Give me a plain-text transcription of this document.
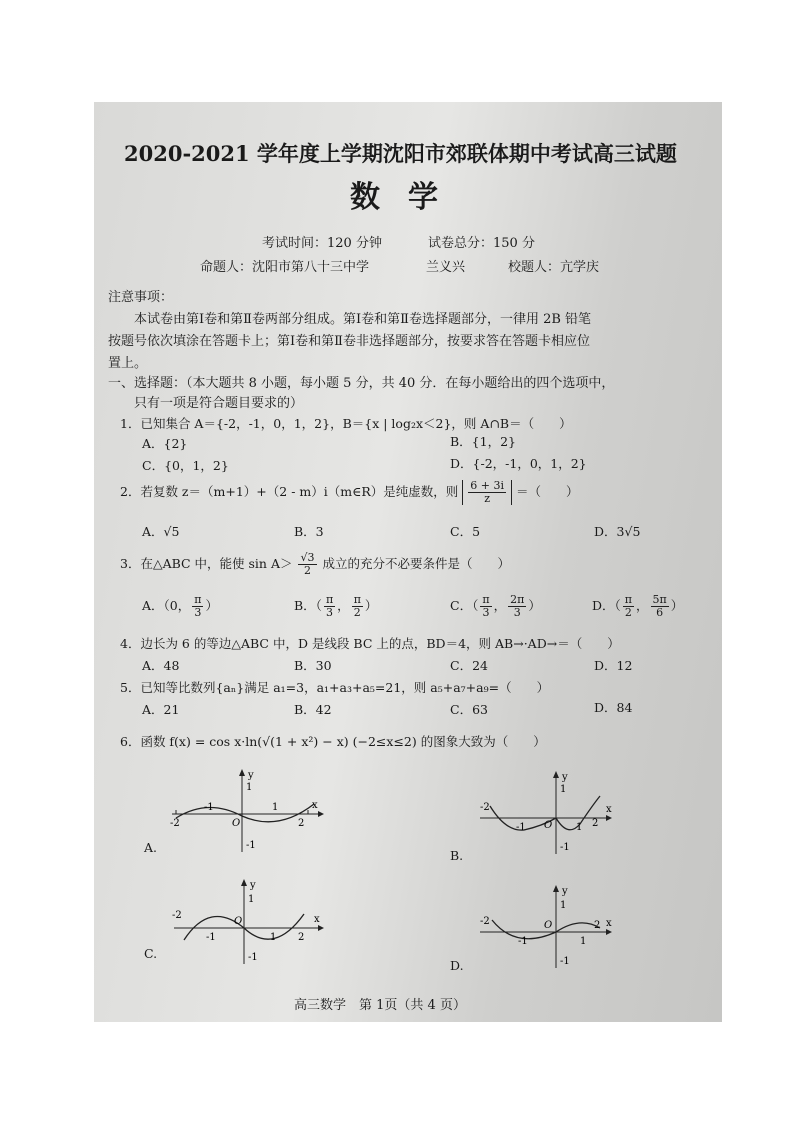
2020-2021 学年度上学期沈阳市郊联体期中考试高三试题
数学
考试时间：120 分钟	试卷总分：150 分
命题人：沈阳市第八十三中学	兰义兴	校题人：亢学庆
注意事项：
本试卷由第Ⅰ卷和第Ⅱ卷两部分组成。第Ⅰ卷和第Ⅱ卷选择题部分，一律用 2B 铅笔
按题号依次填涂在答题卡上；第Ⅰ卷和第Ⅱ卷非选择题部分，按要求答在答题卡相应位
置上。
一、选择题：（本大题共 8 小题，每小题 5 分，共 40 分．在每小题给出的四个选项中，
只有一项是符合题目要求的）
1．已知集合 A＝{-2，-1，0，1，2}，B＝{x | log₂x＜2}，则 A∩B＝（　　）
A．{2}	B．{1，2}
C．{0，1，2}	D．{-2，-1，0，1，2}
2．若复数 z＝（m+1）+（2 - m）i（m∈R）是纯虚数，则 $\frac{6 + 3i}{z}$ ＝（　　）
A．√5	B．3	C．5	D．3√5
3．在△ABC 中，能使 $\sin A> \frac{√3}{2}$ 成立的充分不必要条件是（　　）
A．（0， $\frac{\pi}{3}$ ）	B．（ $\frac{\pi}{3}$ ， $\frac{\pi}{2}$ ）	C．（ $\frac{\pi}{3}$ ， $\frac{2\pi}{3}$ ）	D．（ $\frac{\pi}{2}$ ， $\frac{5\pi}{6}$ ）
4．边长为 6 的等边△ABC 中，D 是线段 BC 上的点，BD＝4，则 AB→·AD→＝（　　）
A．48	B．30	C．24	D．12
5．已知等比数列{aₙ}满足 a₁=3，a₁+a₃+a₅=21，则 a₅+a₇+a₉=（　　）
A．21	B．42	C．63	D．84
6．函数 f(x) = cos x·ln(√(1 + x²) − x) (−2≤x≤2) 的图象大致为（　　）
A.
B.
C.
D.
y
x
1
-1
O
-2
-1	1
2
y
x
1
-1
O
-2
-1	1 2
y
x
1
-1
O
-2
-1	1 2
y
x
1
-1
O
-2
-1	1
2
高三数学　第 1页（共 4 页）
